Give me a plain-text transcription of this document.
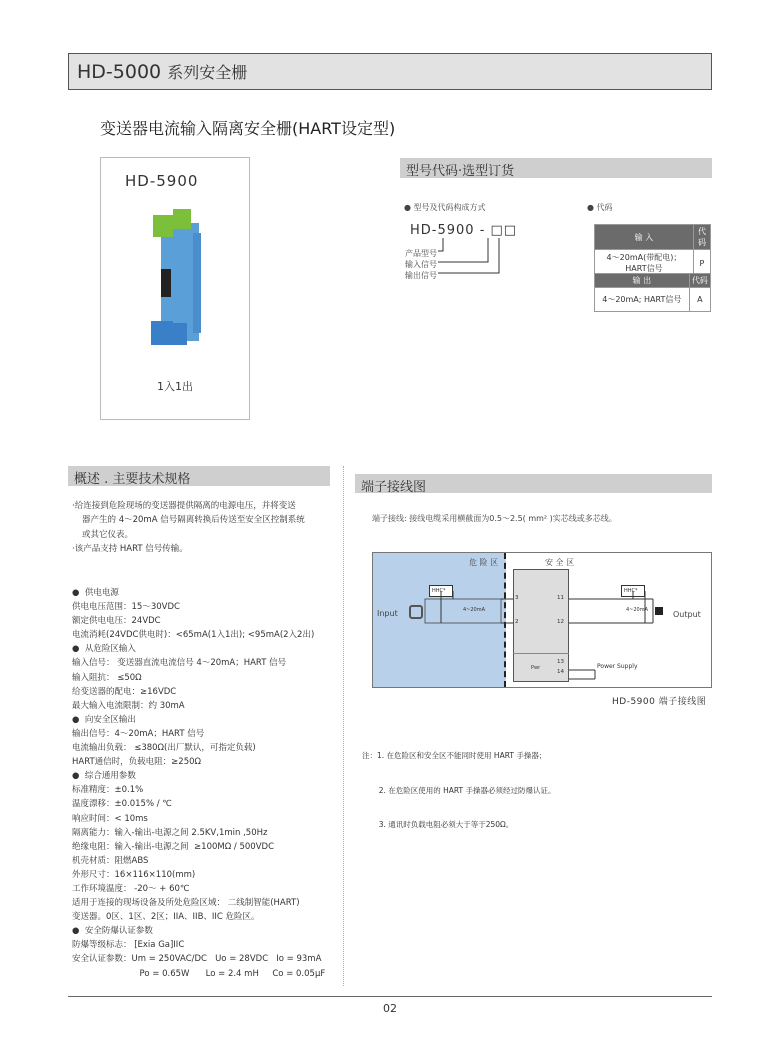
HD-5000 系列安全栅
变送器电流输入隔离安全栅(HART设定型)
HD-5900
1入1出
型号代码·选型订货
● 型号及代码构成方式	● 代码
HD-5900 - □□
产品型号
输入信号
输出信号
输 入	代码
4～20mA(带配电)；HART信号	P
输 出	代码
4～20mA; HART信号	A
概述 . 主要技术规格
·给连接到危险现场的变送器提供隔离的电源电压，并将变送
器产生的 4～20mA 信号隔离转换后传送至安全区控制系统
或其它仪表。
·该产品支持 HART 信号传输。
●  供电电源
供电电压范围：15～30VDC
额定供电电压：24VDC
电流消耗(24VDC供电时)：<65mA(1入1出); <95mA(2入2出)
●  从危险区输入
输入信号： 变送器直流电流信号 4～20mA；HART 信号
输入阻抗： ≤50Ω
给变送器的配电：≥16VDC
最大输入电流限制：约 30mA
●  向安全区输出
输出信号：4～20mA；HART 信号
电流输出负载： ≤380Ω(出厂默认，可指定负载)
HART通信时，负载电阻：≥250Ω
●  综合通用参数
标准精度：±0.1%
温度漂移：±0.015% / ℃
响应时间：< 10ms
隔离能力：输入-输出-电源之间 2.5KV,1min ,50Hz
绝缘电阻：输入-输出-电源之间  ≥100MΩ / 500VDC
机壳材质：阻燃ABS
外形尺寸：16×116×110(mm)
工作环境温度： -20～ + 60℃
适用于连接的现场设备及所处危险区域： 二线制智能(HART)
变送器。0区、1区、2区；IIA、IIB、IIC 危险区。
●  安全防爆认证参数
防爆等级标志： [Exia Ga]IIC
安全认证参数：Um = 250VAC/DC   Uo = 28VDC   Io = 93mA
Po = 0.65W      Lo = 2.4 mH     Co = 0.05μF
端子接线图
端子接线: 接线电缆采用横截面为0.5～2.5( mm² )实芯线或多芯线。
危 险 区	安 全 区
Input	Output
HHC*	HHC*
4~20mA	4~20mA
3
2
11
12
13
14
Pwr	Power Supply
HD-5900 端子接线图

注：1. 在危险区和安全区不能同时使用 HART 手操器；

2. 在危险区使用的 HART 手操器必须经过防爆认证。

3. 通讯时负载电阻必须大于等于250Ω。

02
